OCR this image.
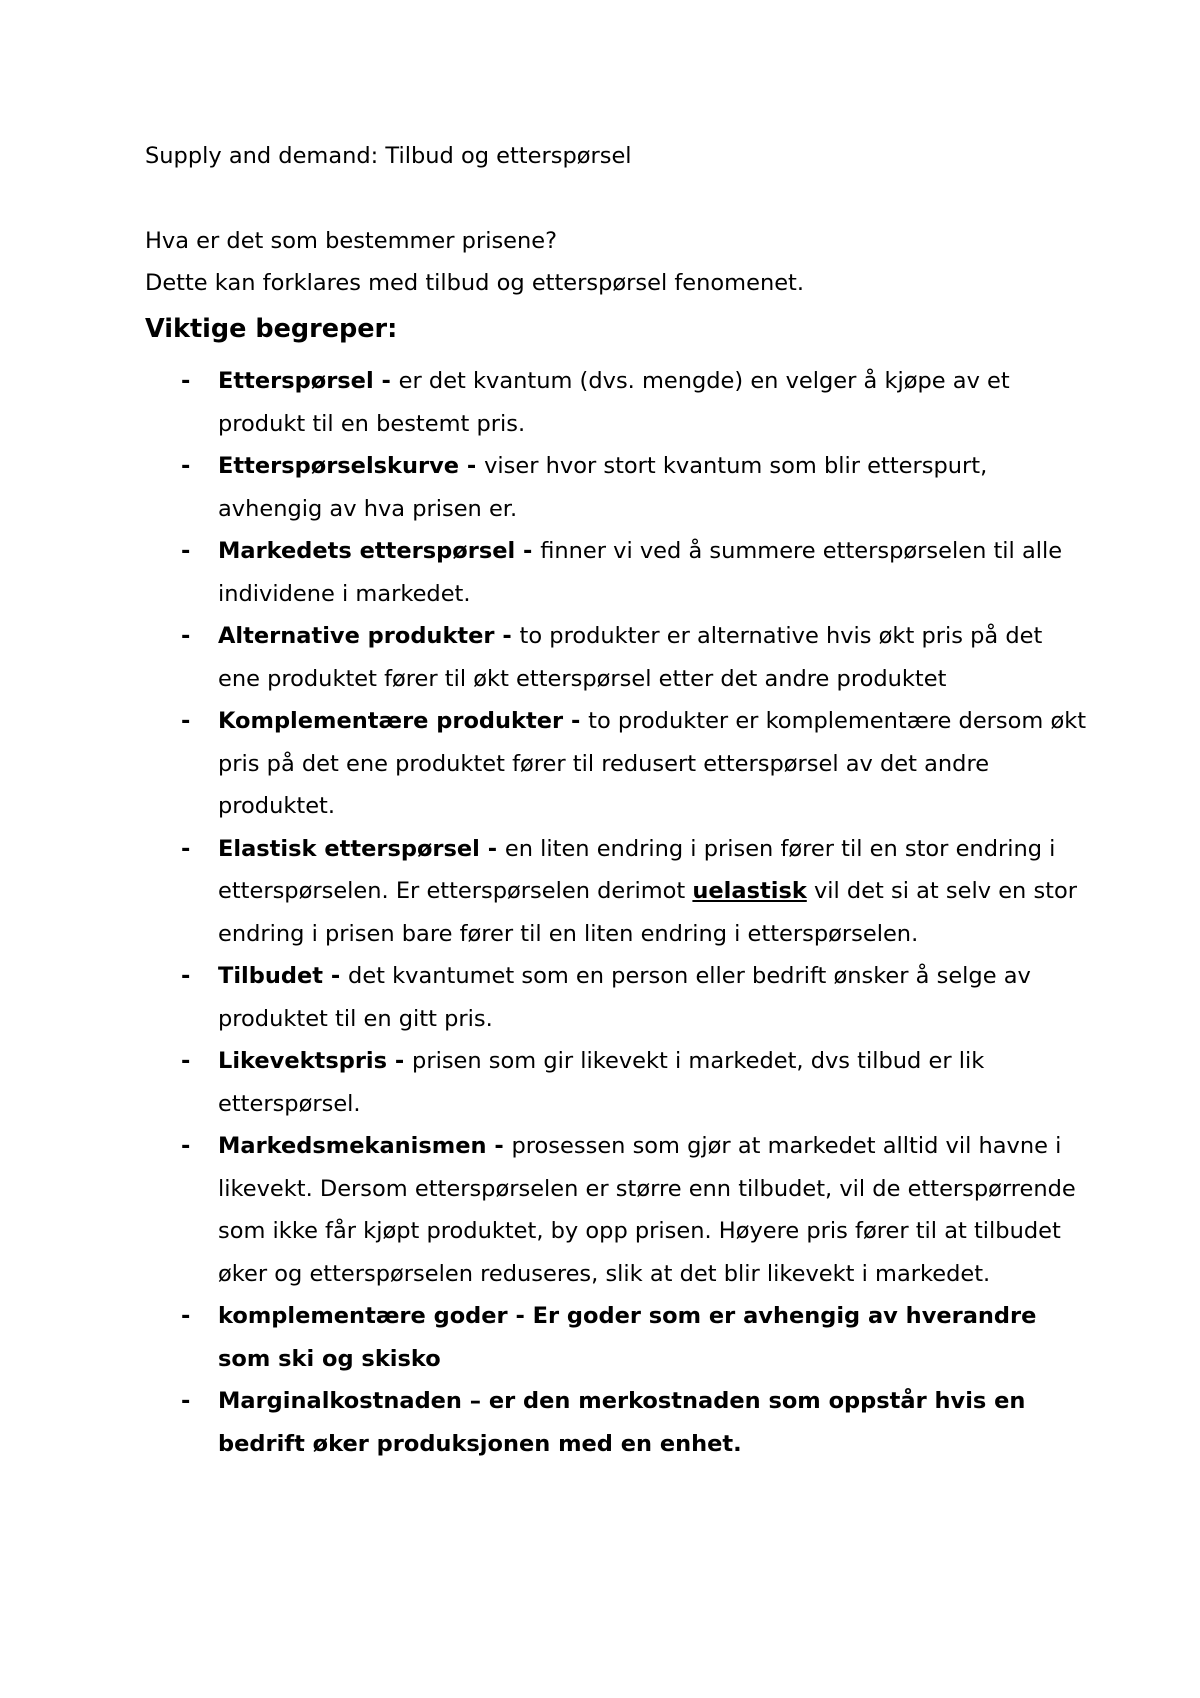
Supply and demand: Tilbud og etterspørsel
Hva er det som bestemmer prisene?
Dette kan forklares med tilbud og etterspørsel fenomenet.
Viktige begreper:
- Etterspørsel - er det kvantum (dvs. mengde) en velger å kjøpe av et produkt til en bestemt pris.
- Etterspørselskurve - viser hvor stort kvantum som blir etterspurt, avhengig av hva prisen er.
- Markedets etterspørsel - finner vi ved å summere etterspørselen til alle individene i markedet.
- Alternative produkter - to produkter er alternative hvis økt pris på det ene produktet fører til økt etterspørsel etter det andre produktet
- Komplementære produkter - to produkter er komplementære dersom økt pris på det ene produktet fører til redusert etterspørsel av det andre produktet.
- Elastisk etterspørsel - en liten endring i prisen fører til en stor endring i etterspørselen. Er etterspørselen derimot uelastisk vil det si at selv en stor endring i prisen bare fører til en liten endring i etterspørselen.
- Tilbudet - det kvantumet som en person eller bedrift ønsker å selge av produktet til en gitt pris.
- Likevektspris - prisen som gir likevekt i markedet, dvs tilbud er lik etterspørsel.
- Markedsmekanismen - prosessen som gjør at markedet alltid vil havne i likevekt. Dersom etterspørselen er større enn tilbudet, vil de etterspørrende som ikke får kjøpt produktet, by opp prisen. Høyere pris fører til at tilbudet øker og etterspørselen reduseres, slik at det blir likevekt i markedet.
- komplementære goder - Er goder som er avhengig av hverandre som ski og skisko
- Marginalkostnaden – er den merkostnaden som oppstår hvis en bedrift øker produksjonen med en enhet.
